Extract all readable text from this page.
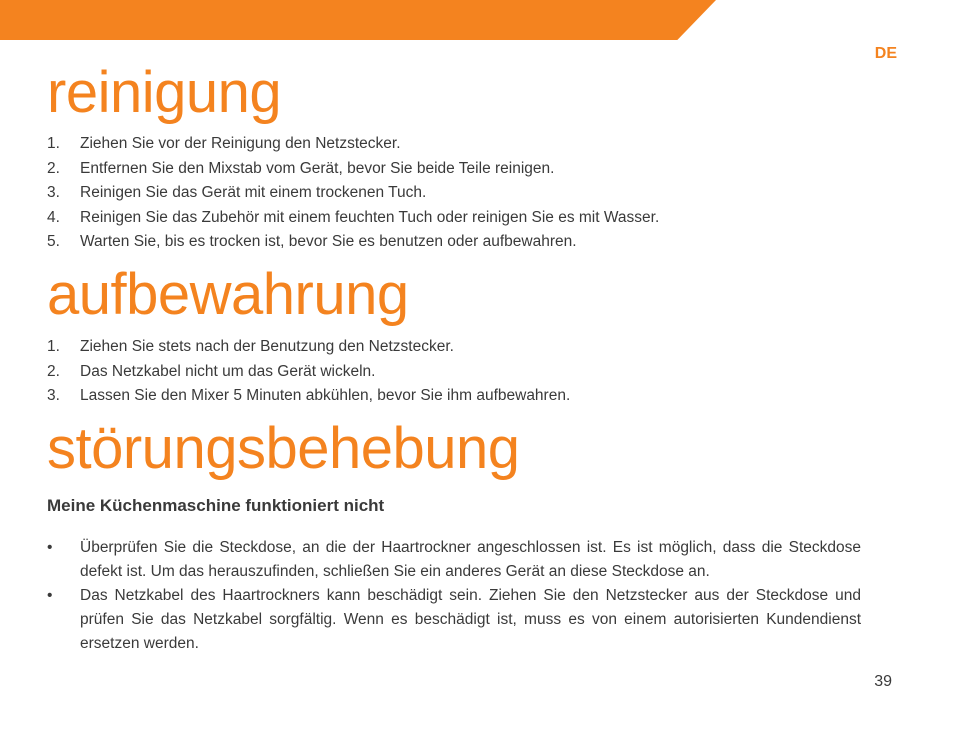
DE
reinigung
1. Ziehen Sie vor der Reinigung den Netzstecker.
2. Entfernen Sie den Mixstab vom Gerät, bevor Sie beide Teile reinigen.
3. Reinigen Sie das Gerät mit einem trockenen Tuch.
4. Reinigen Sie das Zubehör mit einem feuchten Tuch oder reinigen Sie es mit Wasser.
5. Warten Sie, bis es trocken ist, bevor Sie es benutzen oder aufbewahren.
aufbewahrung
1. Ziehen Sie stets nach der Benutzung den Netzstecker.
2. Das Netzkabel nicht um das Gerät wickeln.
3. Lassen Sie den Mixer 5 Minuten abkühlen, bevor Sie ihm aufbewahren.
störungsbehebung
Meine Küchenmaschine funktioniert nicht
• Überprüfen Sie die Steckdose, an die der Haartrockner angeschlossen ist. Es ist möglich, dass die Steckdose defekt ist. Um das herauszufinden, schließen Sie ein anderes Gerät an diese Steckdose an.
• Das Netzkabel des Haartrockners kann beschädigt sein. Ziehen Sie den Netzstecker aus der Steckdose und prüfen Sie das Netzkabel sorgfältig. Wenn es beschädigt ist, muss es von einem autorisierten Kundendienst ersetzen werden.
39
